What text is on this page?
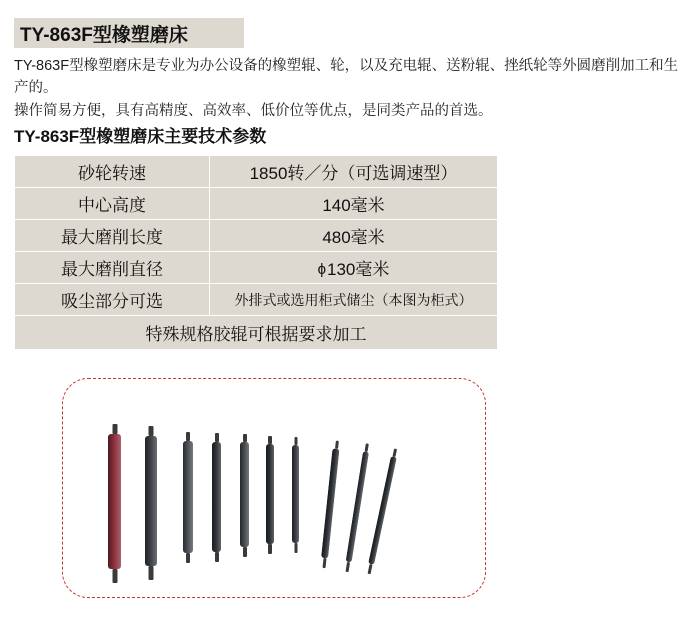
TY-863F型橡塑磨床

TY-863F型橡塑磨床是专业为办公设备的橡塑辊、轮，以及充电辊、送粉辊、挫纸轮等外圆磨削加工和生产的。

操作简易方便，具有高精度、高效率、低价位等优点，是同类产品的首选。

TY-863F型橡塑磨床主要技术参数
砂轮转速	1850转／分（可选调速型）
中心高度	140毫米
最大磨削长度	480毫米
最大磨削直径	ϕ130毫米
吸尘部分可选	外排式或选用柜式储尘（本图为柜式）
特殊规格胶辊可根据要求加工	
